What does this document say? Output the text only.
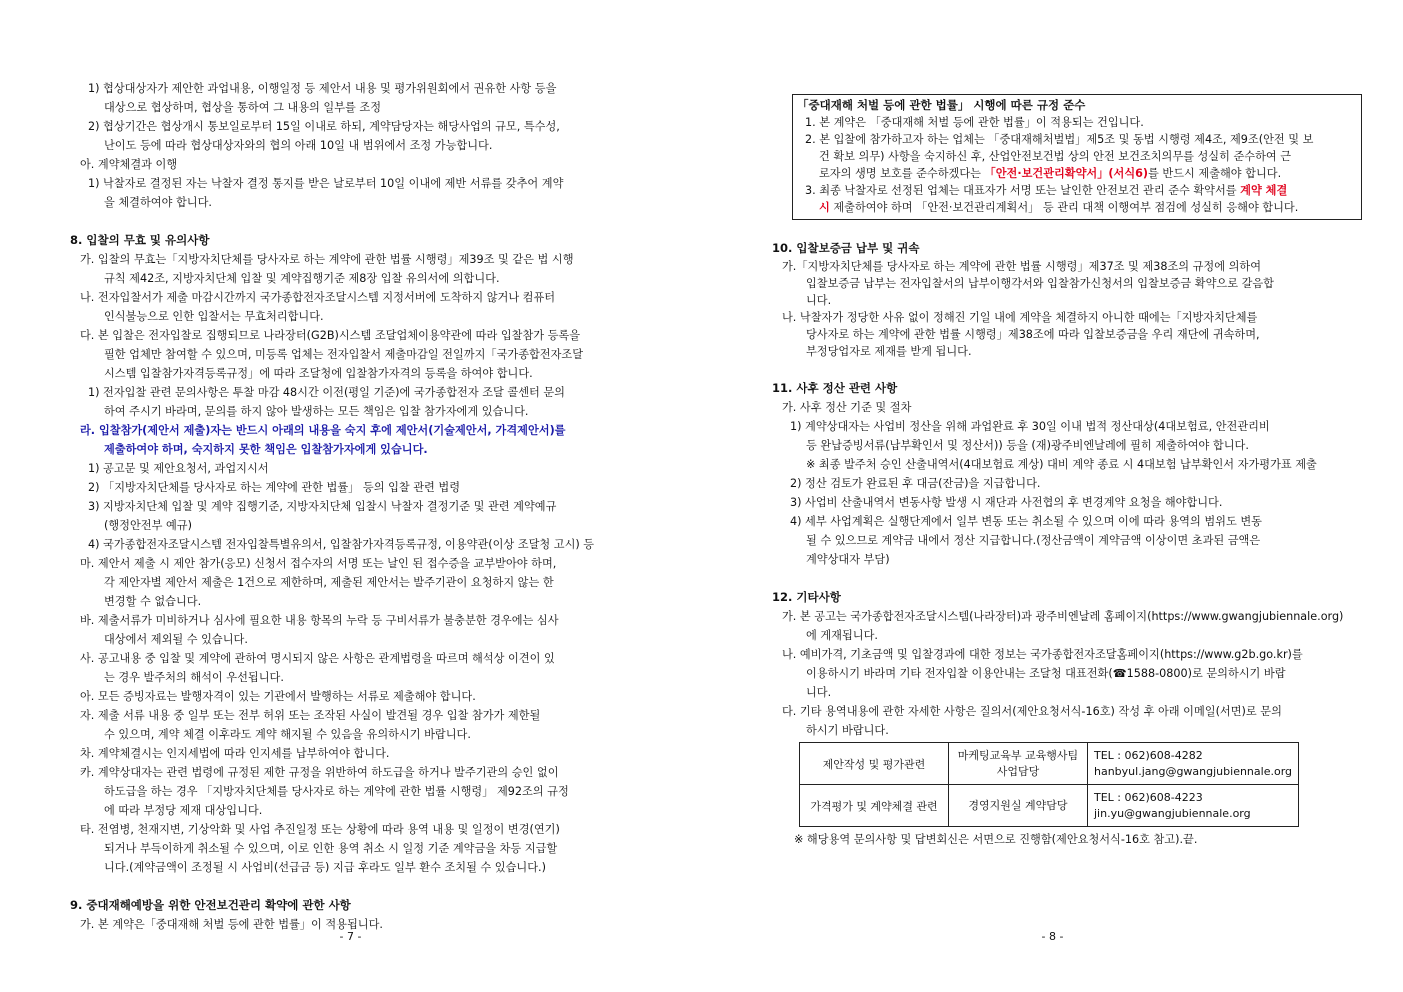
1) 협상대상자가 제안한 과업내용, 이행일정 등 제안서 내용 및 평가위원회에서 권유한 사항 등을
대상으로 협상하며, 협상을 통하여 그 내용의 일부를 조정
2) 협상기간은 협상개시 통보일로부터 15일 이내로 하되, 계약담당자는 해당사업의 규모, 특수성,
난이도 등에 따라 협상대상자와의 협의 아래 10일 내 범위에서 조정 가능합니다.
아. 계약체결과 이행
1) 낙찰자로 결정된 자는 낙찰자 결정 통지를 받은 날로부터 10일 이내에 제반 서류를 갖추어 계약
을 체결하여야 합니다.
8. 입찰의 무효 및 유의사항
가. 입찰의 무효는「지방자치단체를 당사자로 하는 계약에 관한 법률 시행령」제39조 및 같은 법 시행
규칙 제42조, 지방자치단체 입찰 및 계약집행기준 제8장 입찰 유의서에 의합니다.
나. 전자입찰서가 제출 마감시간까지 국가종합전자조달시스템 지정서버에 도착하지 않거나 컴퓨터
인식불능으로 인한 입찰서는 무효처리합니다.
다. 본 입찰은 전자입찰로 집행되므로 나라장터(G2B)시스템 조달업체이용약관에 따라 입찰참가 등록을
필한 업체만 참여할 수 있으며, 미등록 업체는 전자입찰서 제출마감일 전일까지「국가종합전자조달
시스템 입찰참가자격등록규정」에 따라 조달청에 입찰참가자격의 등록을 하여야 합니다.
1) 전자입찰 관련 문의사항은 투찰 마감 48시간 이전(평일 기준)에 국가종합전자 조달 콜센터 문의
하여 주시기 바라며, 문의를 하지 않아 발생하는 모든 책임은 입찰 참가자에게 있습니다.
라. 입찰참가(제안서 제출)자는 반드시 아래의 내용을 숙지 후에 제안서(기술제안서, 가격제안서)를
제출하여야 하며, 숙지하지 못한 책임은 입찰참가자에게 있습니다.
1) 공고문 및 제안요청서, 과업지시서
2) 「지방자치단체를 당사자로 하는 계약에 관한 법률」 등의 입찰 관련 법령
3) 지방자치단체 입찰 및 계약 집행기준, 지방자치단체 입찰시 낙찰자 결정기준 및 관련 계약예규
(행정안전부 예규)
4) 국가종합전자조달시스템 전자입찰특별유의서, 입찰참가자격등록규정, 이용약관(이상 조달청 고시) 등
마. 제안서 제출 시 제안 참가(응모) 신청서 접수자의 서명 또는 날인 된 접수증을 교부받아야 하며,
각 제안자별 제안서 제출은 1건으로 제한하며, 제출된 제안서는 발주기관이 요청하지 않는 한
변경할 수 없습니다.
바. 제출서류가 미비하거나 심사에 필요한 내용 항목의 누락 등 구비서류가 불충분한 경우에는 심사
대상에서 제외될 수 있습니다.
사. 공고내용 중 입찰 및 계약에 관하여 명시되지 않은 사항은 관계법령을 따르며 해석상 이견이 있
는 경우 발주처의 해석이 우선됩니다.
아. 모든 증빙자료는 발행자격이 있는 기관에서 발행하는 서류로 제출해야 합니다.
자. 제출 서류 내용 중 일부 또는 전부 허위 또는 조작된 사실이 발견될 경우 입찰 참가가 제한될
수 있으며, 계약 체결 이후라도 계약 해지될 수 있음을 유의하시기 바랍니다.
차. 계약체결시는 인지세법에 따라 인지세를 납부하여야 합니다.
카. 계약상대자는 관련 법령에 규정된 제한 규정을 위반하여 하도급을 하거나 발주기관의 승인 없이
하도급을 하는 경우 「지방자치단체를 당사자로 하는 계약에 관한 법률 시행령」 제92조의 규정
에 따라 부정당 제재 대상입니다.
타. 전염병, 천재지변, 기상악화 및 사업 추진일정 또는 상황에 따라 용역 내용 및 일정이 변경(연기)
되거나 부득이하게 취소될 수 있으며, 이로 인한 용역 취소 시 일정 기준 계약금을 차등 지급할
니다.(계약금액이 조정될 시 사업비(선급금 등) 지급 후라도 일부 환수 조치될 수 있습니다.)
9. 중대재해예방을 위한 안전보건관리 확약에 관한 사항
가. 본 계약은「중대재해 처벌 등에 관한 법률」이 적용됩니다.
- 7 -
「중대재해 처벌 등에 관한 법률」 시행에 따른 규정 준수
1. 본 계약은 「중대재해 처벌 등에 관한 법률」이 적용되는 건입니다.
2. 본 입찰에 참가하고자 하는 업체는 「중대재해처벌법」제5조 및 동법 시행령 제4조, 제9조(안전 및 보
건 확보 의무) 사항을 숙지하신 후, 산업안전보건법 상의 안전 보건조치의무를 성실히 준수하여 근
로자의 생명 보호를 준수하겠다는 「안전·보건관리확약서」(서식6)를 반드시 제출해야 합니다.
3. 최종 낙찰자로 선정된 업체는 대표자가 서명 또는 날인한 안전보건 관리 준수 확약서를 계약 체결
시 제출하여야 하며 「안전·보건관리계획서」 등 관리 대책 이행여부 점검에 성실히 응해야 합니다.
10. 입찰보증금 납부 및 귀속
가.「지방자치단체를 당사자로 하는 계약에 관한 법률 시행령」제37조 및 제38조의 규정에 의하여
입찰보증금 납부는 전자입찰서의 납부이행각서와 입찰참가신청서의 입찰보증금 확약으로 갈음합
니다.
나. 낙찰자가 정당한 사유 없이 정해진 기일 내에 계약을 체결하지 아니한 때에는「지방자치단체를
당사자로 하는 계약에 관한 법률 시행령」제38조에 따라 입찰보증금을 우리 재단에 귀속하며,
부정당업자로 제재를 받게 됩니다.
11. 사후 정산 관련 사항
가. 사후 정산 기준 및 절차
1) 계약상대자는 사업비 정산을 위해 과업완료 후 30일 이내 법적 정산대상(4대보험료, 안전관리비
등 완납증빙서류(납부확인서 및 정산서)) 등을 (재)광주비엔날레에 필히 제출하여야 합니다.
※ 최종 발주처 승인 산출내역서(4대보험료 계상) 대비 계약 종료 시 4대보험 납부확인서 자가평가표 제출
2) 정산 검토가 완료된 후 대금(잔금)을 지급합니다.
3) 사업비 산출내역서 변동사항 발생 시 재단과 사전협의 후 변경계약 요청을 해야합니다.
4) 세부 사업계획은 실행단계에서 일부 변동 또는 취소될 수 있으며 이에 따라 용역의 범위도 변동
될 수 있으므로 계약금 내에서 정산 지급합니다.(정산금액이 계약금액 이상이면 초과된 금액은
계약상대자 부담)
12. 기타사항
가. 본 공고는 국가종합전자조달시스템(나라장터)과 광주비엔날레 홈페이지(https://www.gwangjubiennale.org)
에 게재됩니다.
나. 예비가격, 기초금액 및 입찰경과에 대한 정보는 국가종합전자조달홈페이지(https://www.g2b.go.kr)를
이용하시기 바라며 기타 전자입찰 이용안내는 조달청 대표전화(☎1588-0800)로 문의하시기 바랍
니다.
다. 기타 용역내용에 관한 자세한 사항은 질의서(제안요청서식-16호) 작성 후 아래 이메일(서면)로 문의
하시기 바랍니다.
제안작성 및 평가관련	마케팅교육부 교육행사팀 사업담당	TEL : 062)608-4282
hanbyul.jang@gwangjubiennale.org

가격평가 및 계약체결 관련	경영지원실 계약담당	TEL : 062)608-4223
jin.yu@gwangjubiennale.org
※ 해당용역 문의사항 및 답변회신은 서면으로 진행함(제안요청서식-16호 참고).끝.
- 8 -
